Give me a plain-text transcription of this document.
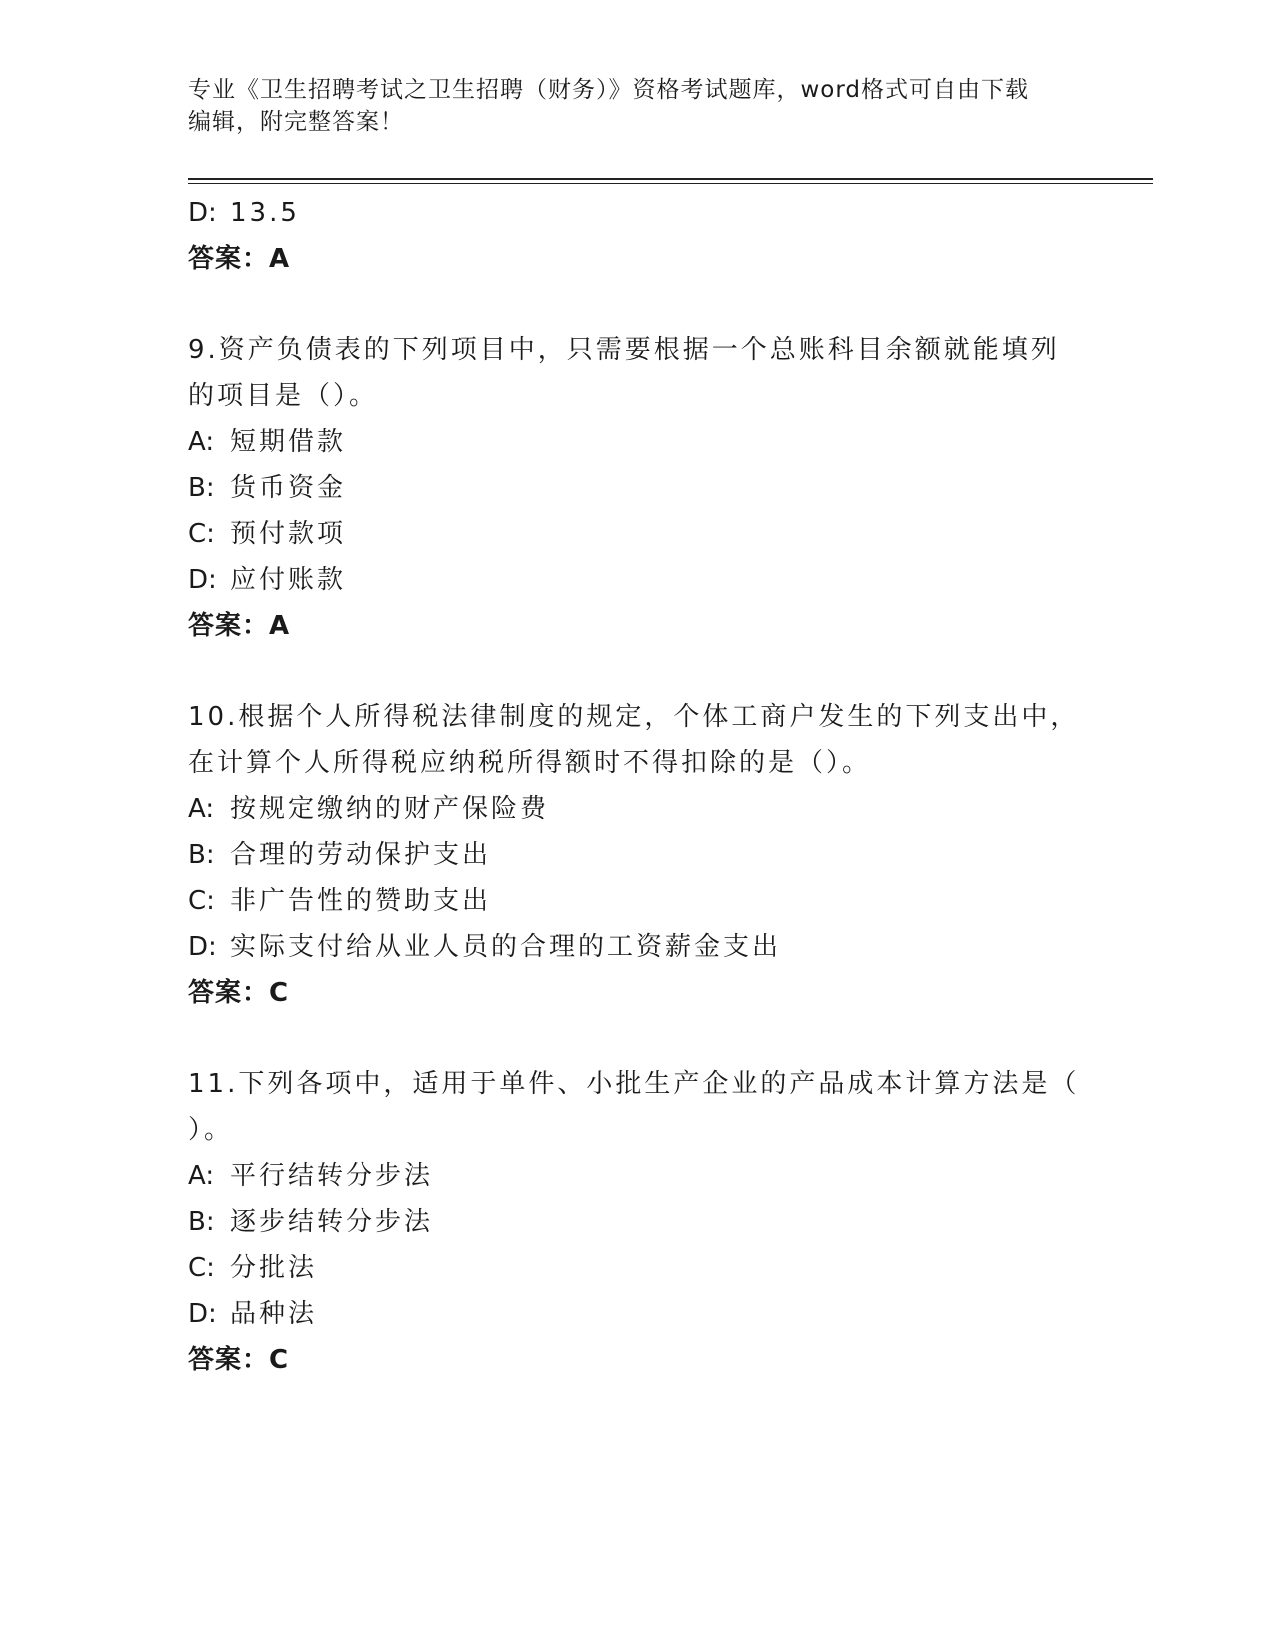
专业《卫生招聘考试之卫生招聘（财务）》资格考试题库，word格式可自由下载
编辑，附完整答案！
D: 13.5
答案：A
9.资产负债表的下列项目中，只需要根据一个总账科目余额就能填列
的项目是（）。
A: 短期借款
B: 货币资金
C: 预付款项
D: 应付账款
答案：A
10.根据个人所得税法律制度的规定，个体工商户发生的下列支出中，
在计算个人所得税应纳税所得额时不得扣除的是（）。
A: 按规定缴纳的财产保险费
B: 合理的劳动保护支出
C: 非广告性的赞助支出
D: 实际支付给从业人员的合理的工资薪金支出
答案：C
11.下列各项中，适用于单件、小批生产企业的产品成本计算方法是（
）。
A: 平行结转分步法
B: 逐步结转分步法
C: 分批法
D: 品种法
答案：C
